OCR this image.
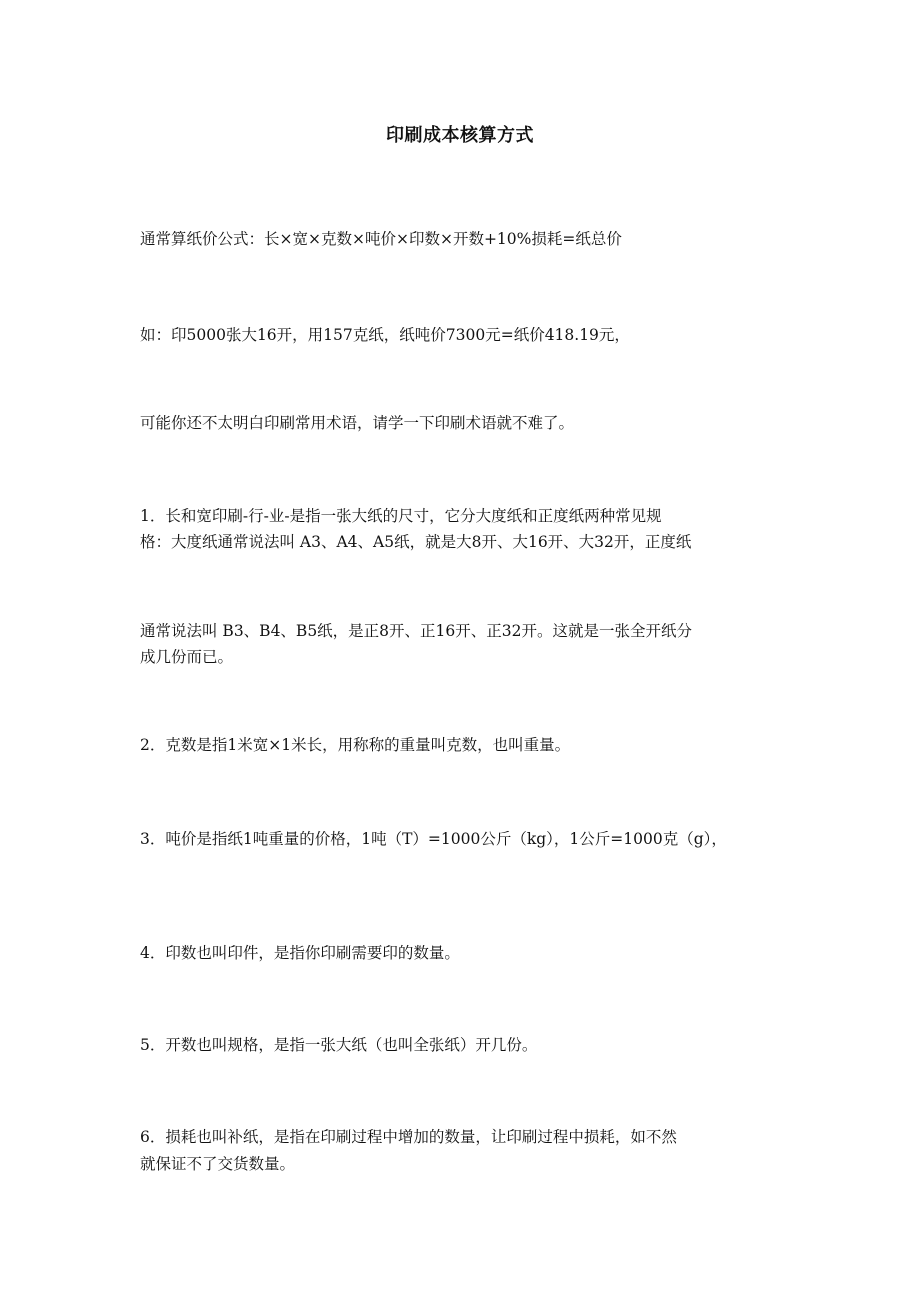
印刷成本核算方式
通常算纸价公式：长×宽×克数×吨价×印数×开数+10%损耗=纸总价
如：印5000张大16开，用157克纸，纸吨价7300元=纸价418.19元，
可能你还不太明白印刷常用术语，请学一下印刷术语就不难了。
1．长和宽印刷-行-业-是指一张大纸的尺寸，它分大度纸和正度纸两种常见规
格：大度纸通常说法叫 A3、A4、A5纸，就是大8开、大16开、大32开，正度纸
通常说法叫 B3、B4、B5纸，是正8开、正16开、正32开。这就是一张全开纸分
成几份而已。
2．克数是指1米宽×1米长，用称称的重量叫克数，也叫重量。
3．吨价是指纸1吨重量的价格，1吨（T）=1000公斤（kg），1公斤=1000克（g），
4．印数也叫印件，是指你印刷需要印的数量。
5．开数也叫规格，是指一张大纸（也叫全张纸）开几份。
6．损耗也叫补纸，是指在印刷过程中增加的数量，让印刷过程中损耗，如不然
就保证不了交货数量。
